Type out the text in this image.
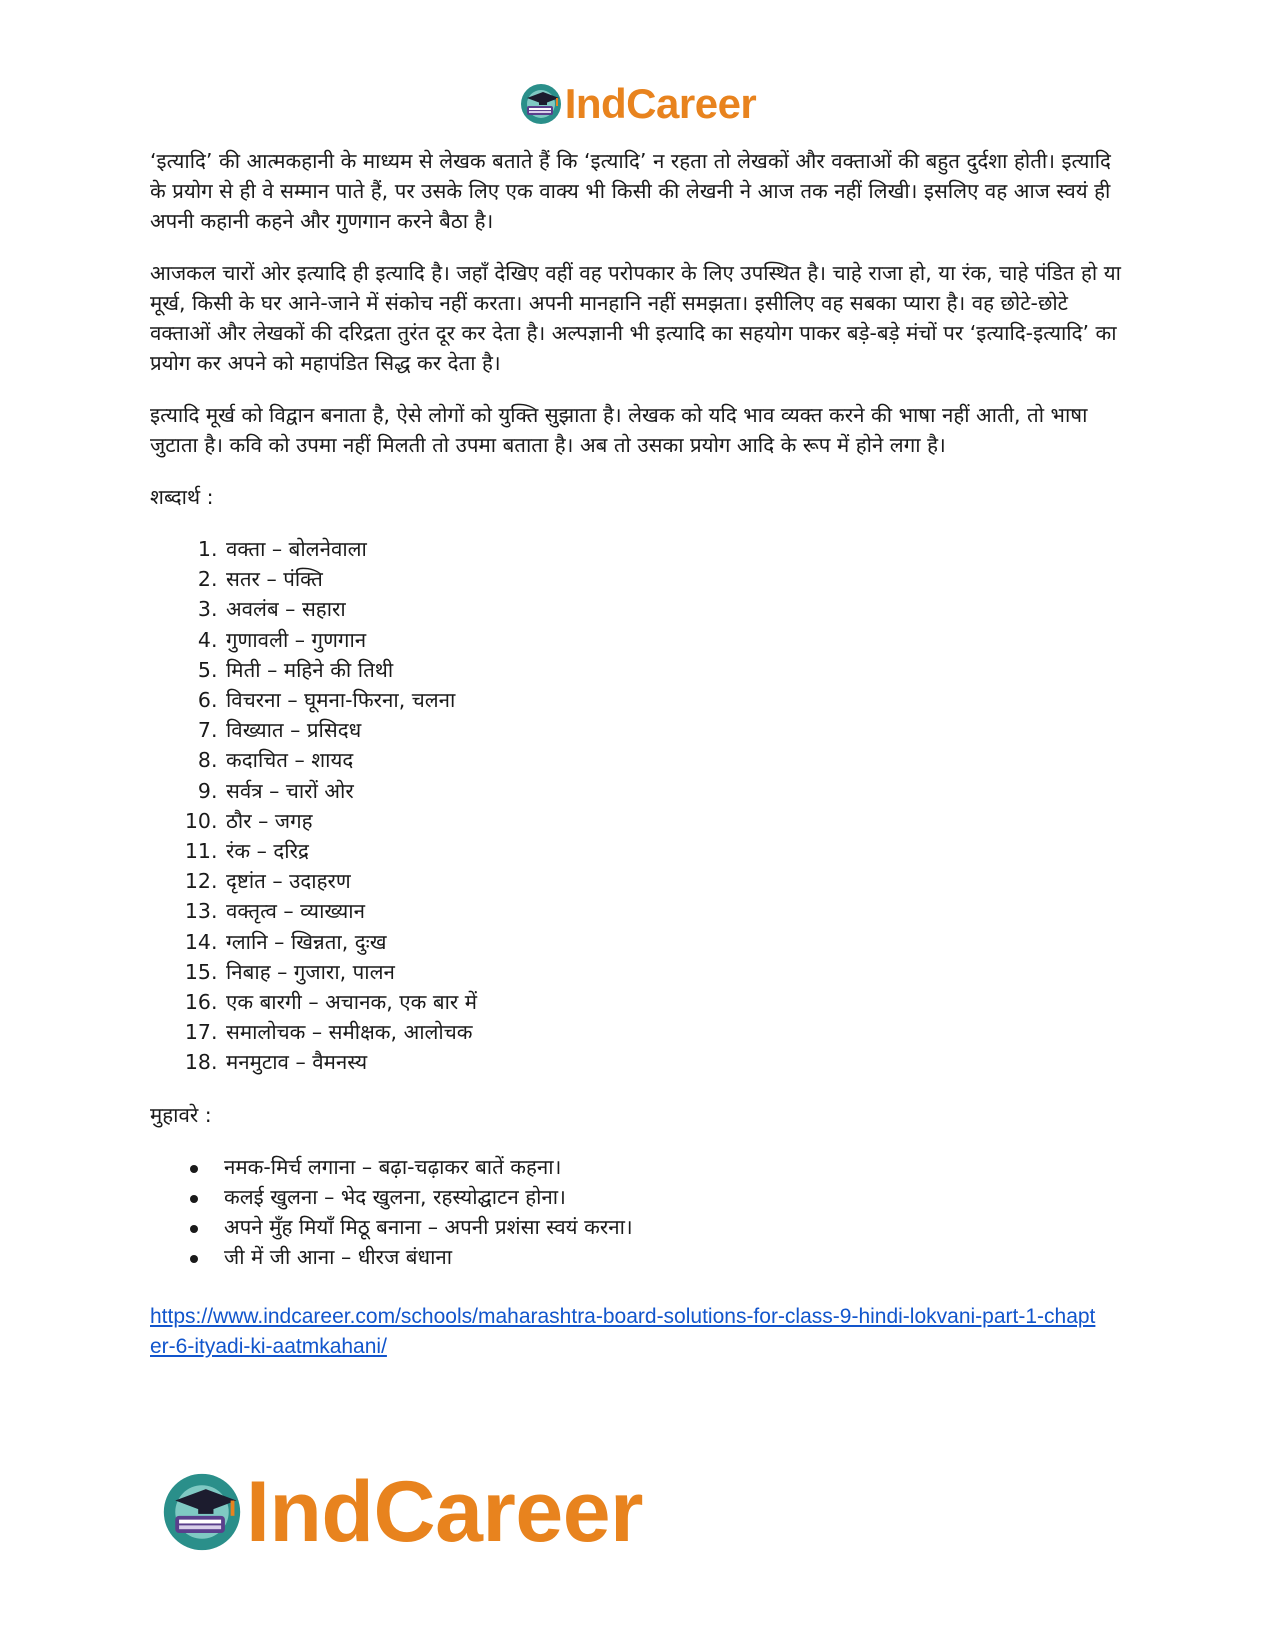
IndCareer

‘इत्यादि’ की आत्मकहानी के माध्यम से लेखक बताते हैं कि ‘इत्यादि’ न रहता तो लेखकों और वक्ताओं की बहुत दुर्दशा होती। इत्यादि के प्रयोग से ही वे सम्मान पाते हैं, पर उसके लिए एक वाक्य भी किसी की लेखनी ने आज तक नहीं लिखी। इसलिए वह आज स्वयं ही अपनी कहानी कहने और गुणगान करने बैठा है।

आजकल चारों ओर इत्यादि ही इत्यादि है। जहाँ देखिए वहीं वह परोपकार के लिए उपस्थित है। चाहे राजा हो, या रंक, चाहे पंडित हो या मूर्ख, किसी के घर आने-जाने में संकोच नहीं करता। अपनी मानहानि नहीं समझता। इसीलिए वह सबका प्यारा है। वह छोटे-छोटे वक्ताओं और लेखकों की दरिद्रता तुरंत दूर कर देता है। अल्पज्ञानी भी इत्यादि का सहयोग पाकर बड़े-बड़े मंचों पर ‘इत्यादि-इत्यादि’ का प्रयोग कर अपने को महापंडित सिद्ध कर देता है।

इत्यादि मूर्ख को विद्वान बनाता है, ऐसे लोगों को युक्ति सुझाता है। लेखक को यदि भाव व्यक्त करने की भाषा नहीं आती, तो भाषा जुटाता है। कवि को उपमा नहीं मिलती तो उपमा बताता है। अब तो उसका प्रयोग आदि के रूप में होने लगा है।

शब्दार्थ :
1. वक्ता – बोलनेवाला
2. सतर – पंक्ति
3. अवलंब – सहारा
4. गुणावली – गुणगान
5. मिती – महिने की तिथी
6. विचरना – घूमना-फिरना, चलना
7. विख्यात – प्रसिदध
8. कदाचित – शायद
9. सर्वत्र – चारों ओर
10. ठौर – जगह
11. रंक – दरिद्र
12. दृष्टांत – उदाहरण
13. वक्तृत्व – व्याख्यान
14. ग्लानि – खिन्नता, दुःख
15. निबाह – गुजारा, पालन
16. एक बारगी – अचानक, एक बार में
17. समालोचक – समीक्षक, आलोचक
18. मनमुटाव – वैमनस्य
मुहावरे :
नमक-मिर्च लगाना – बढ़ा-चढ़ाकर बातें कहना।
कलई खुलना – भेद खुलना, रहस्योद्घाटन होना।
अपने मुँह मियाँ मिठू बनाना – अपनी प्रशंसा स्वयं करना।
जी में जी आना – धीरज बंधाना
https://www.indcareer.com/schools/maharashtra-board-solutions-for-class-9-hindi-lokvani-part-1-chapter-6-ityadi-ki-aatmkahani/
IndCareer
